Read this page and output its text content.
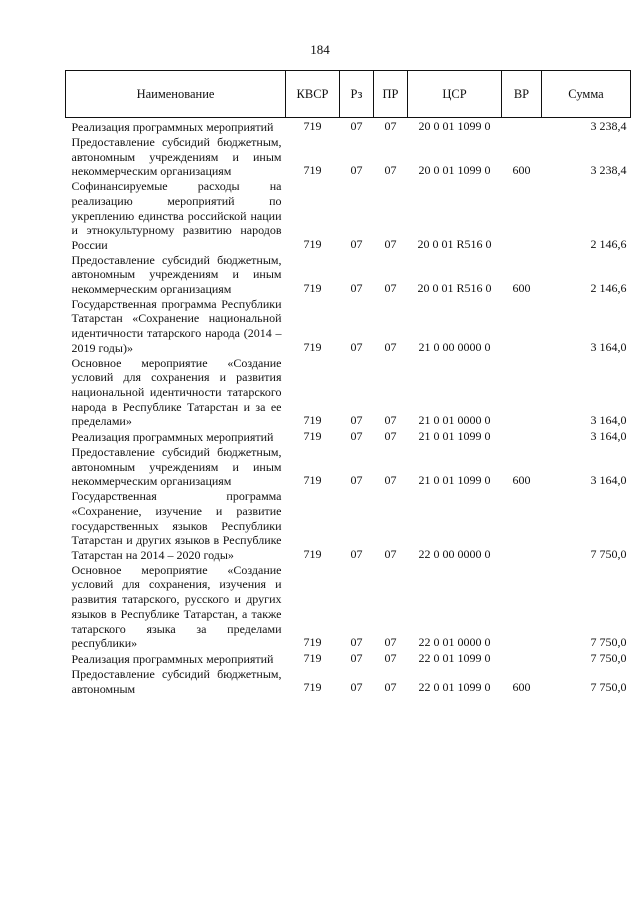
184
Наименование	КВСР	Рз	ПР	ЦСР	ВР	Сумма

Реализация программных мероприятий	719	07	07	20 0 01 1099 0		3 238,4

Предоставление субсидий бюджетным, автономным учреждениям и иным некоммерческим организациям	719	07	07	20 0 01 1099 0	600	3 238,4

Софинансируемые расходы на реализацию мероприятий по укреплению единства российской нации и этнокультурному развитию народов России	719	07	07	20 0 01 R516 0		2 146,6

Предоставление субсидий бюджетным, автономным учреждениям и иным некоммерческим организациям	719	07	07	20 0 01 R516 0	600	2 146,6

Государственная программа Республики Татарстан «Сохранение национальной идентичности татарского народа (2014 – 2019 годы)»	719	07	07	21 0 00 0000 0		3 164,0

Основное мероприятие «Создание условий для сохранения и развития национальной идентичности татарского народа в Республике Татарстан и за ее пределами»	719	07	07	21 0 01 0000 0		3 164,0

Реализация программных мероприятий	719	07	07	21 0 01 1099 0		3 164,0

Предоставление субсидий бюджетным, автономным учреждениям и иным некоммерческим организациям	719	07	07	21 0 01 1099 0	600	3 164,0

Государственная программа «Сохранение, изучение и развитие государственных языков Республики Татарстан и других языков в Республике Татарстан на 2014 – 2020 годы»	719	07	07	22 0 00 0000 0		7 750,0

Основное мероприятие «Создание условий для сохранения, изучения и развития татарского, русского и других языков в Республике Татарстан, а также татарского языка за пределами республики»	719	07	07	22 0 01 0000 0		7 750,0

Реализация программных мероприятий	719	07	07	22 0 01 1099 0		7 750,0

Предоставление субсидий бюджетным, автономным	719	07	07	22 0 01 1099 0	600	7 750,0
